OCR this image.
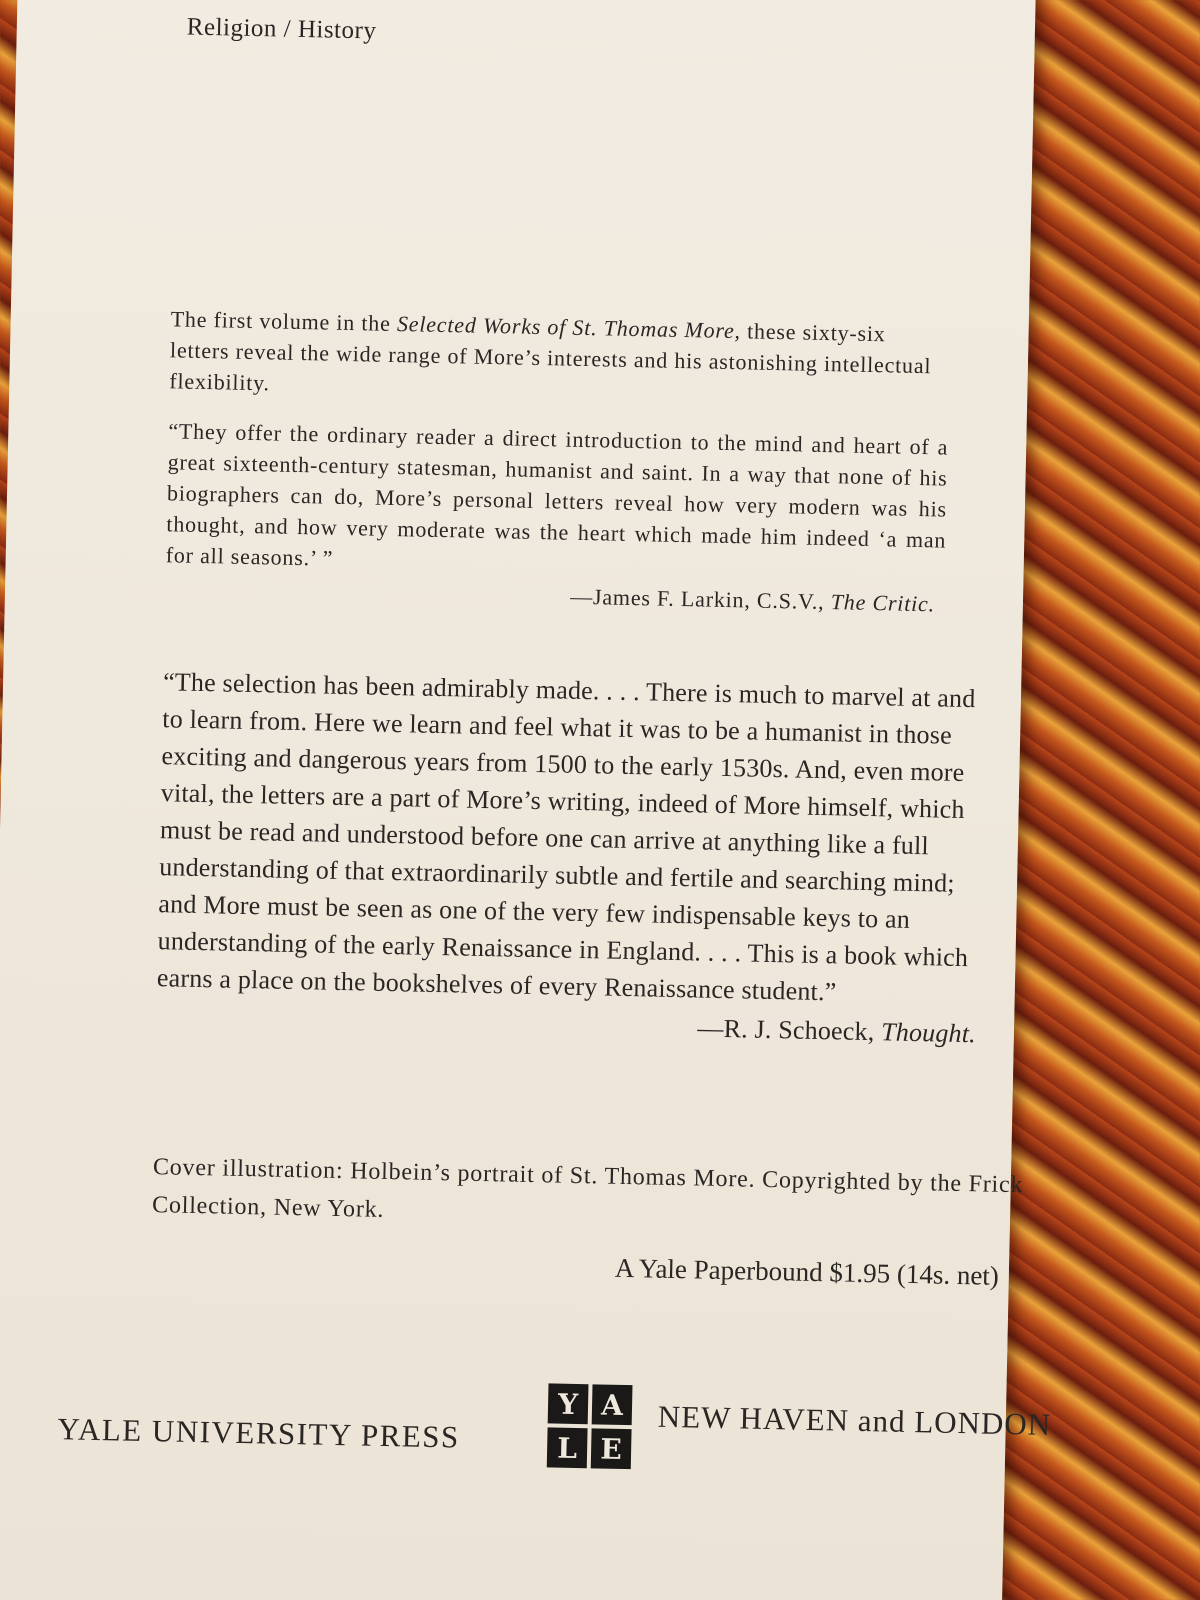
Religion / History

The first volume in the Selected Works of St. Thomas More, these sixty-six letters reveal the wide range of More’s interests and his astonishing intellectual flexibility.

“They offer the ordinary reader a direct introduction to the mind and heart of a great sixteenth-century statesman, humanist and saint. In a way that none of his biographers can do, More’s personal letters reveal how very modern was his thought, and how very moderate was the heart which made him indeed ‘a man for all seasons.’ ”

—James F. Larkin, C.S.V., The Critic.

“The selection has been admirably made. . . . There is much to marvel at and to learn from. Here we learn and feel what it was to be a humanist in those exciting and dangerous years from 1500 to the early 1530s. And, even more vital, the letters are a part of More’s writing, indeed of More himself, which must be read and understood before one can arrive at anything like a full understanding of that extraordinarily subtle and fertile and searching mind; and More must be seen as one of the very few indispensable keys to an understanding of the early Renaissance in England. . . . This is a book which earns a place on the bookshelves of every Renaissance student.”

—R. J. Schoeck, Thought.

Cover illustration: Holbein’s portrait of St. Thomas More. Copyrighted by the Frick Collection, New York.

A Yale Paperbound $1.95 (14s. net)
YALE UNIVERSITY PRESS
Y A
L E
NEW HAVEN and LONDON
